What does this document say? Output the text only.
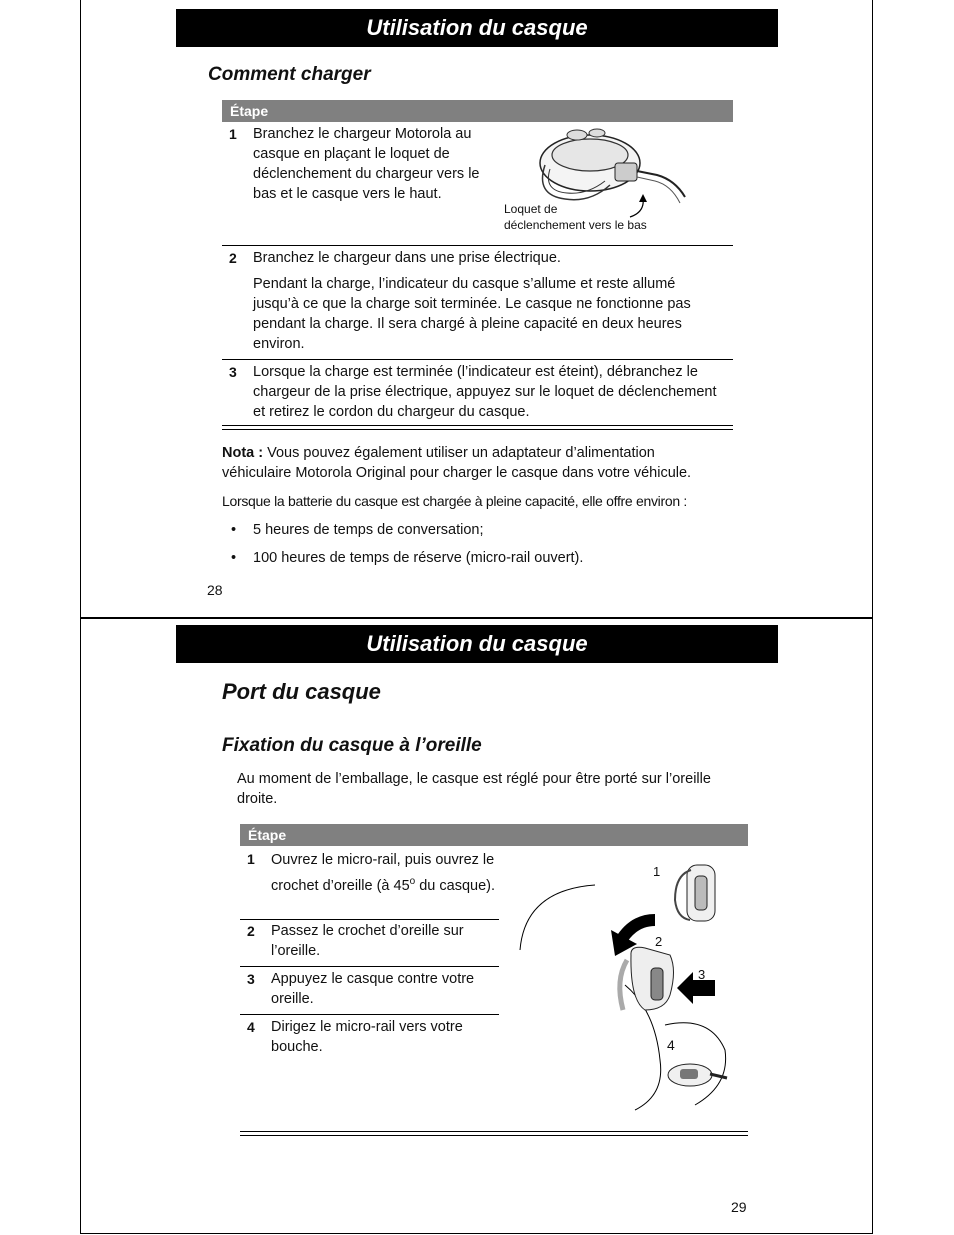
Utilisation du casque
Comment charger
Étape
1 Branchez le chargeur Motorola au casque en plaçant le loquet de déclenchement du chargeur vers le bas et le casque vers le haut.
Loquet de
déclenchement vers le bas
2 Branchez le chargeur dans une prise électrique.
Pendant la charge, l’indicateur du casque s’allume et reste allumé jusqu’à ce que la charge soit terminée. Le casque ne fonctionne pas pendant la charge. Il sera chargé à pleine capacité en deux heures environ.
3 Lorsque la charge est terminée (l’indicateur est éteint), débranchez le chargeur de la prise électrique, appuyez sur le loquet de déclenchement et retirez le cordon du chargeur du casque.
Nota : Vous pouvez également utiliser un adaptateur d’alimentation véhiculaire Motorola Original pour charger le casque dans votre véhicule.
Lorsque la batterie du casque est chargée à pleine capacité, elle offre environ :
• 5 heures de temps de conversation;
• 100 heures de temps de réserve (micro-rail ouvert).
28
Utilisation du casque
Port du casque
Fixation du casque à l’oreille
Au moment de l’emballage, le casque est réglé pour être porté sur l’oreille droite.
Étape
1 Ouvrez le micro-rail, puis ouvrez le crochet d’oreille (à 45$^o$ du casque).
2 Passez le crochet d’oreille sur l’oreille.
3 Appuyez le casque contre votre oreille.
4 Dirigez le micro-rail vers votre bouche.
1
2
3
4
29
